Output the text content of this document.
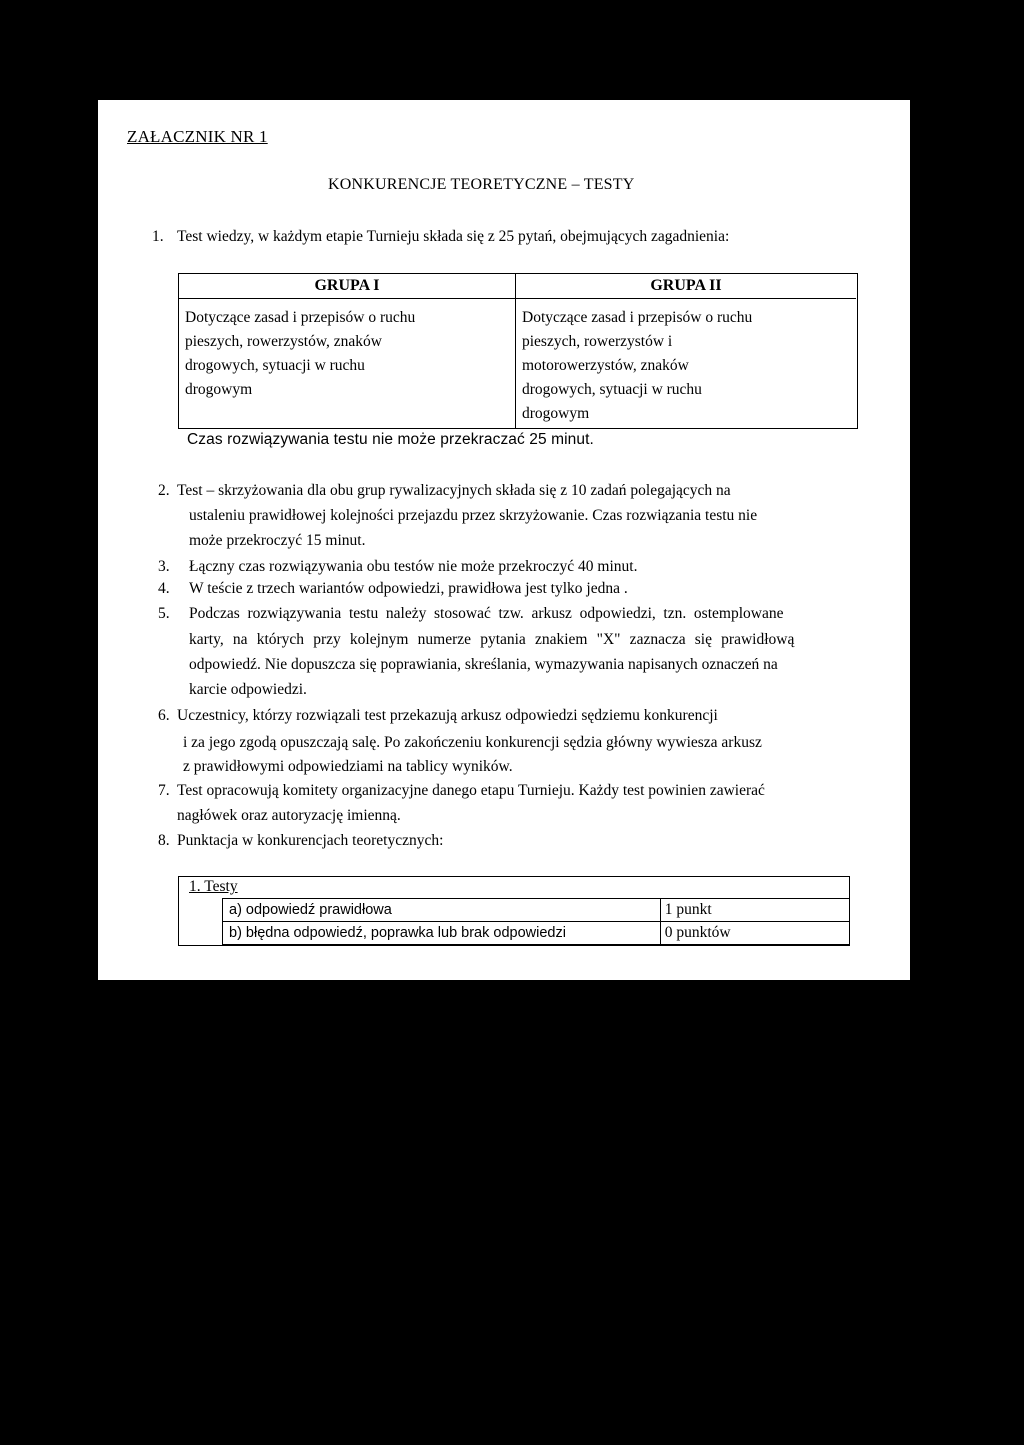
ZAŁACZNIK NR 1
KONKURENCJE TEORETYCZNE – TESTY
1. Test wiedzy, w każdym etapie Turnieju składa się z 25 pytań, obejmujących zagadnienia:
GRUPA I
Dotyczące zasad i przepisów o ruchu
pieszych, rowerzystów, znaków
drogowych, sytuacji w ruchu
drogowym
GRUPA II
Dotyczące zasad i przepisów o ruchu
pieszych, rowerzystów i
motorowerzystów, znaków
drogowych, sytuacji w ruchu
drogowym
Czas rozwiązywania testu nie może przekraczać 25 minut.
2. Test – skrzyżowania dla obu grup rywalizacyjnych składa się z 10 zadań polegających na
ustaleniu prawidłowej kolejności przejazdu przez skrzyżowanie. Czas rozwiązania testu nie
może przekroczyć 15 minut.
3. Łączny czas rozwiązywania obu testów nie może przekroczyć 40 minut.
4. W teście z trzech wariantów odpowiedzi, prawidłowa jest tylko jedna .
5. Podczas rozwiązywania testu należy stosować tzw. arkusz odpowiedzi, tzn. ostemplowane
karty, na których przy kolejnym numerze pytania znakiem "X" zaznacza się prawidłową
odpowiedź. Nie dopuszcza się poprawiania, skreślania, wymazywania napisanych oznaczeń na
karcie odpowiedzi.
6. Uczestnicy, którzy rozwiązali test przekazują arkusz odpowiedzi sędziemu konkurencji
i za jego zgodą opuszczają salę. Po zakończeniu konkurencji sędzia główny wywiesza arkusz
z prawidłowymi odpowiedziami na tablicy wyników.
7. Test opracowują komitety organizacyjne danego etapu Turnieju. Każdy test powinien zawierać
nagłówek oraz autoryzację imienną.
8. Punktacja w konkurencjach teoretycznych:
1. Testy
a) odpowiedź prawidłowa	1 punkt
b) błędna odpowiedź, poprawka lub brak odpowiedzi	0 punktów
